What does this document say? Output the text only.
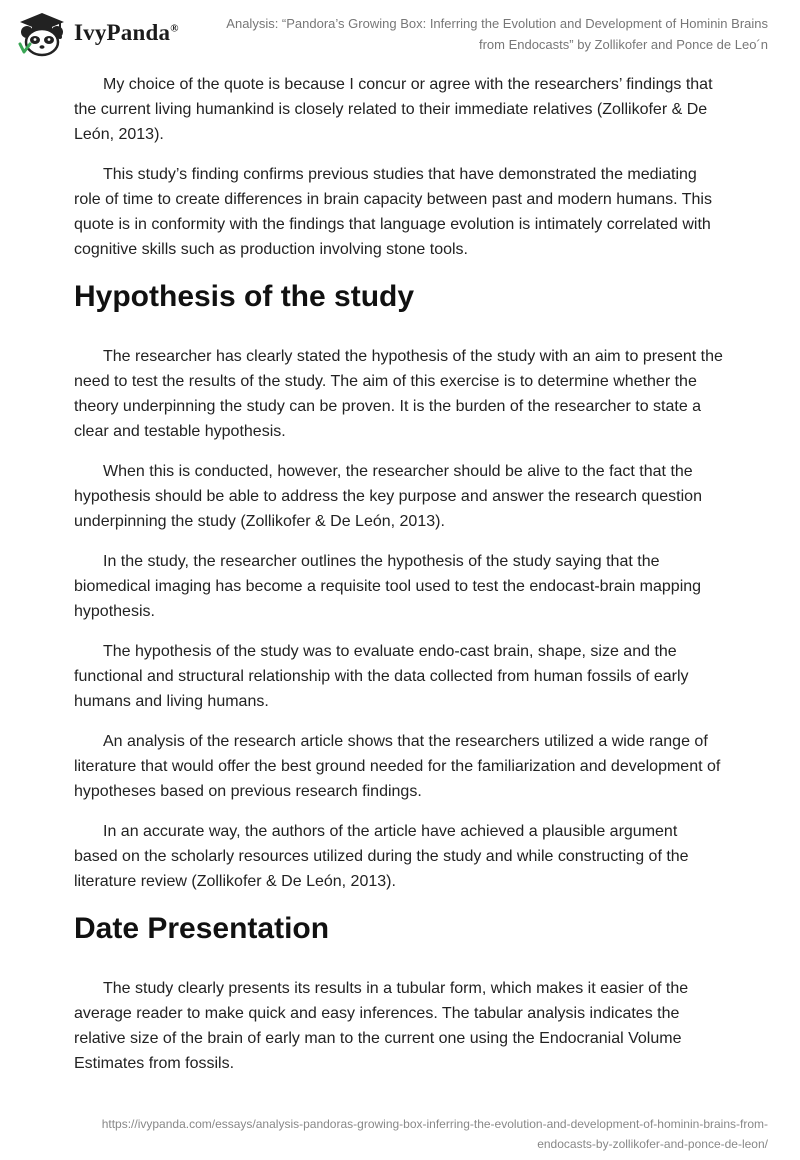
IvyPanda®	Analysis: “Pandora’s Growing Box: Inferring the Evolution and Development of Hominin Brains from Endocasts” by Zollikofer and Ponce de Leo´n

My choice of the quote is because I concur or agree with the researchers’ findings that the current living humankind is closely related to their immediate relatives (Zollikofer & De León, 2013).

This study’s finding confirms previous studies that have demonstrated the mediating role of time to create differences in brain capacity between past and modern humans. This quote is in conformity with the findings that language evolution is intimately correlated with cognitive skills such as production involving stone tools.

Hypothesis of the study

The researcher has clearly stated the hypothesis of the study with an aim to present the need to test the results of the study. The aim of this exercise is to determine whether the theory underpinning the study can be proven. It is the burden of the researcher to state a clear and testable hypothesis.

When this is conducted, however, the researcher should be alive to the fact that the hypothesis should be able to address the key purpose and answer the research question underpinning the study (Zollikofer & De León, 2013).

In the study, the researcher outlines the hypothesis of the study saying that the biomedical imaging has become a requisite tool used to test the endocast-brain mapping hypothesis.

The hypothesis of the study was to evaluate endo-cast brain, shape, size and the functional and structural relationship with the data collected from human fossils of early humans and living humans.

An analysis of the research article shows that the researchers utilized a wide range of literature that would offer the best ground needed for the familiarization and development of hypotheses based on previous research findings.

In an accurate way, the authors of the article have achieved a plausible argument based on the scholarly resources utilized during the study and while constructing of the literature review (Zollikofer & De León, 2013).

Date Presentation

The study clearly presents its results in a tubular form, which makes it easier of the average reader to make quick and easy inferences. The tabular analysis indicates the relative size of the brain of early man to the current one using the Endocranial Volume Estimates from fossils.

https://ivypanda.com/essays/analysis-pandoras-growing-box-inferring-the-evolution-and-development-of-hominin-brains-from-endocasts-by-zollikofer-and-ponce-de-leon/
